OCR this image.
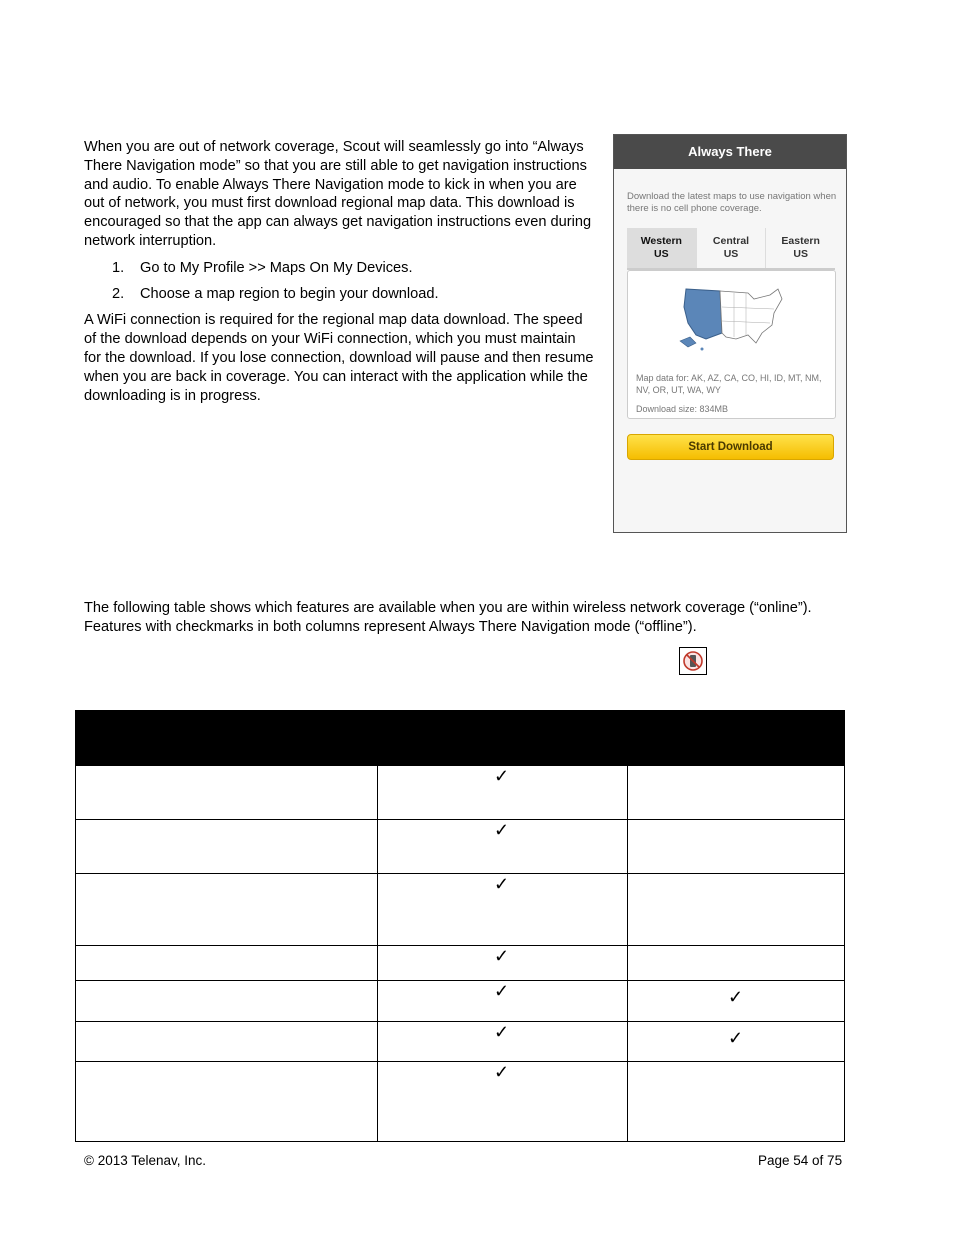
When you are out of network coverage, Scout will seamlessly go into “Always There Navigation mode” so that you are still able to get navigation instructions and audio. To enable Always There Navigation mode to kick in when you are out of network, you must first download regional map data. This download is encouraged so that the app can always get navigation instructions even during network interruption.

1. Go to My Profile >> Maps On My Devices.
2. Choose a map region to begin your download.

A WiFi connection is required for the regional map data download. The speed of the download depends on your WiFi connection, which you must maintain for the download. If you lose connection, download will pause and then resume when you are back in coverage. You can interact with the application while the downloading is in progress.

Always There
Download the latest maps to use navigation when there is no cell phone coverage.
Western
US
Central
US
Eastern
US
Map data for: AK, AZ, CA, CO, HI, ID, MT, NM, NV, OR, UT, WA, WY
Download size: 834MB
Start Download
The following table shows which features are available when you are within wireless network coverage (“online”). Features with checkmarks in both columns represent Always There Navigation mode (“offline”).

	✓	

	✓	

	✓	

	✓	

	✓	✓

	✓	✓

	✓	

© 2013 Telenav, Inc.	Page 54 of 75
